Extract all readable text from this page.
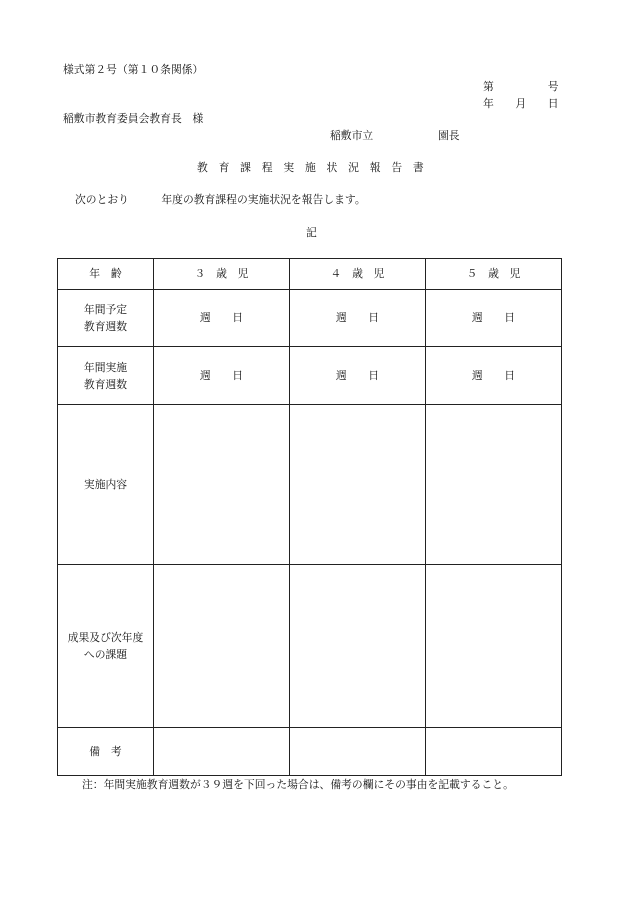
様式第２号（第１０条関係）
第　　　　　号
年　　月　　日
稲敷市教育委員会教育長　様
稲敷市立　　　　　　園長
教　育　課　程　実　施　状　況　報　告　書
次のとおり　　　年度の教育課程の実施状況を報告します。
記
年　齢	３　歳　児	４　歳　児	５　歳　児

年間予定
教育週数	週　　日	週　　日	週　　日

年間実施
教育週数	週　　日	週　　日	週　　日
実施内容			

成果及び次年度
への課題			

備　考			
注：年間実施教育週数が３９週を下回った場合は、備考の欄にその事由を記載すること。
